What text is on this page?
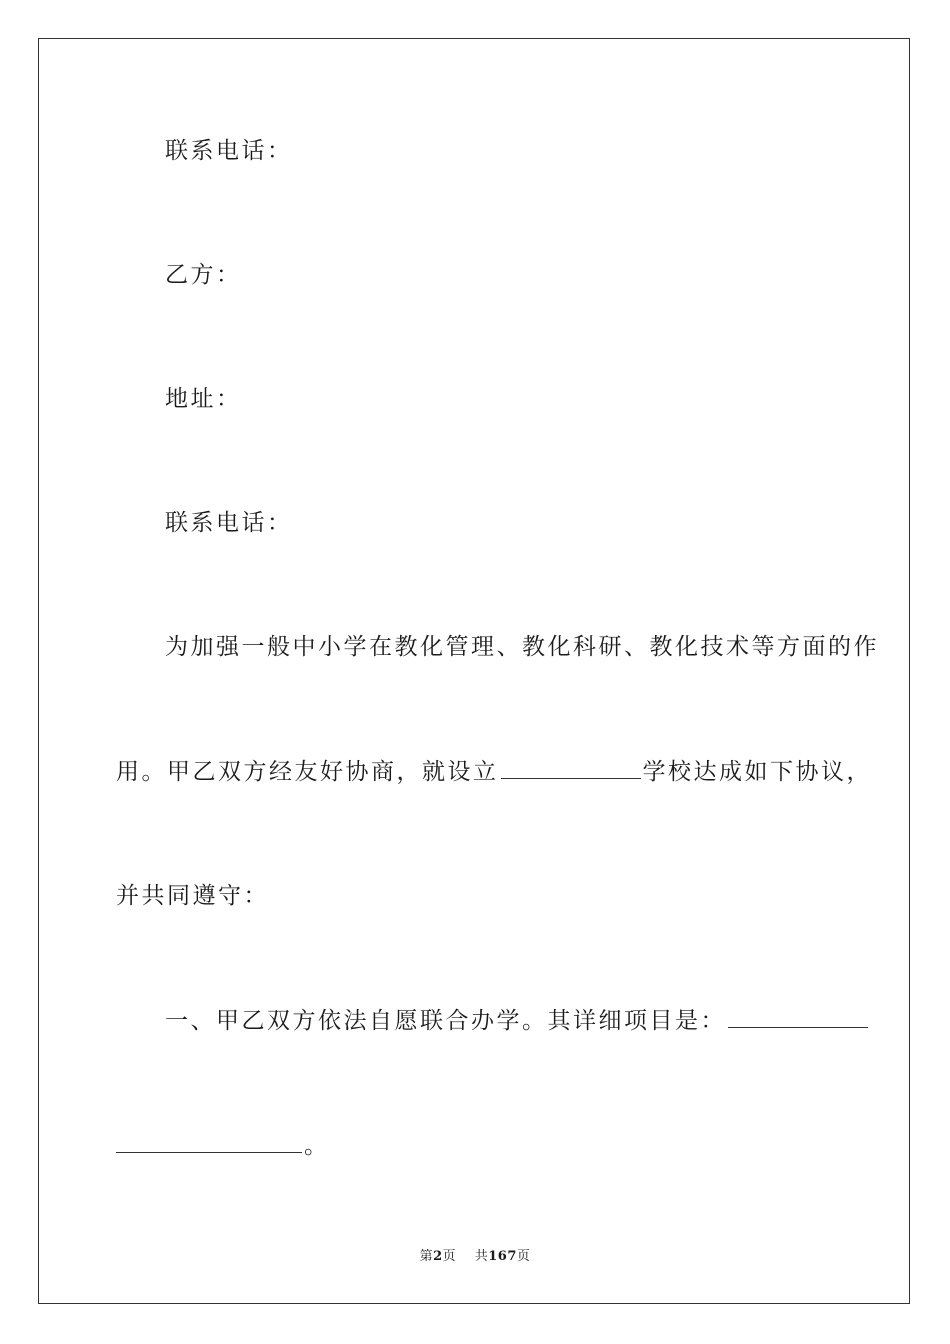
联系电话：
乙方：
地址：
联系电话：
为加强一般中小学在教化管理、教化科研、教化技术等方面的作
用。甲乙双方经友好协商，就设立	学校达成如下协议，
并共同遵守：
一、甲乙双方依法自愿联合办学。其详细项目是：
。
第2页 共167页
